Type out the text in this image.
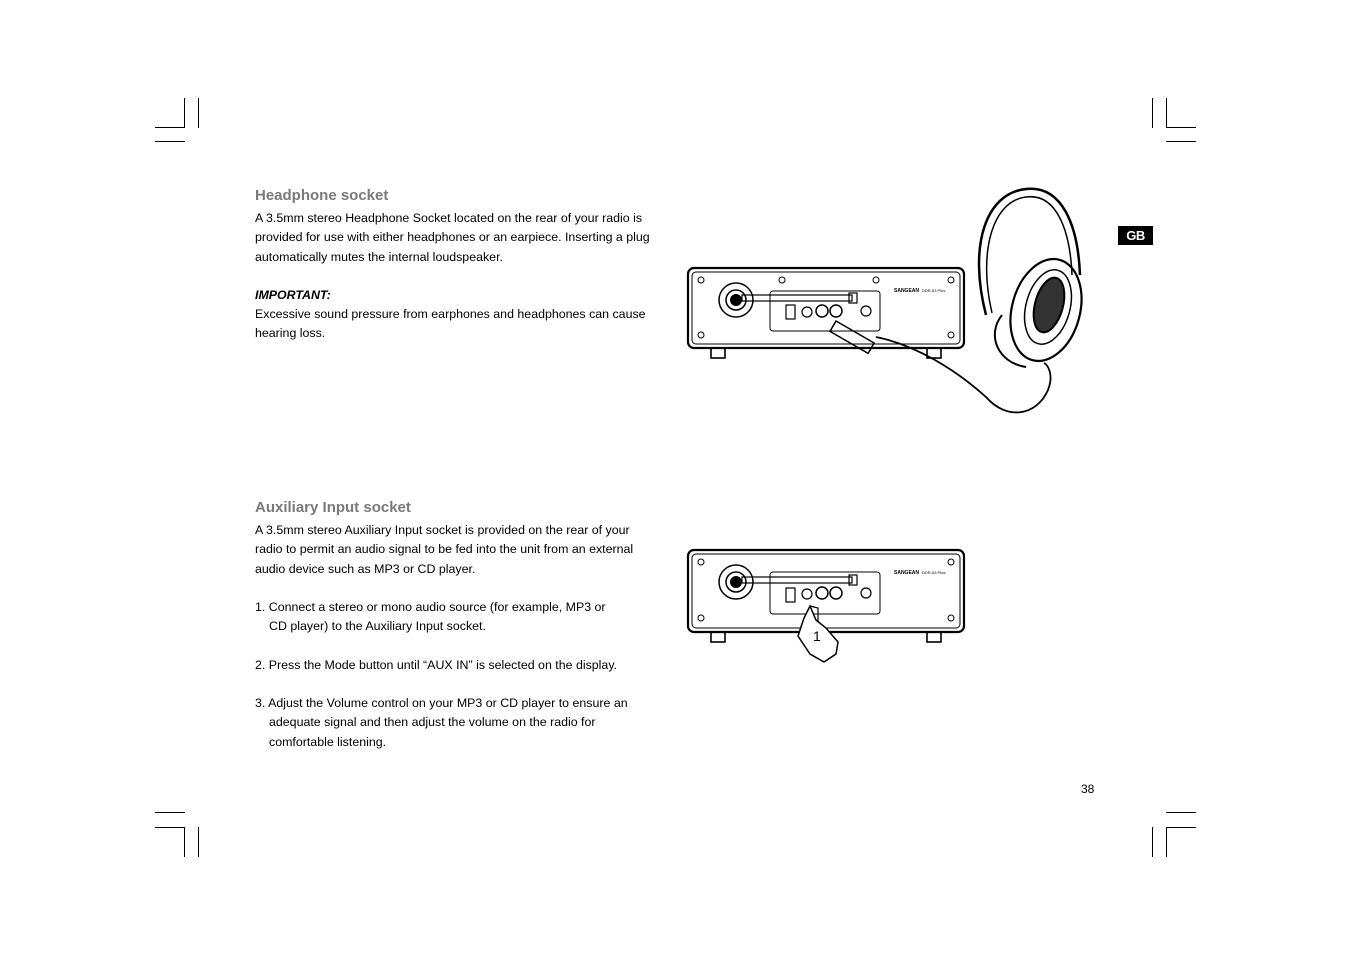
GB
Headphone socket
A 3.5mm stereo Headphone Socket located on the rear of your radio is
provided for use with either headphones or an earpiece. Inserting a plug
automatically mutes the internal loudspeaker.
IMPORTANT:
Excessive sound pressure from earphones and headphones can cause
hearing loss.
Auxiliary Input socket
A 3.5mm stereo Auxiliary Input socket is provided on the rear of your
radio to permit an audio signal to be fed into the unit from an external
audio device such as MP3 or CD player.
1. Connect a stereo or mono audio source (for example, MP3 or
CD player) to the Auxiliary Input socket.
2. Press the Mode button until “AUX IN” is selected on the display.
3. Adjust the Volume control on your MP3 or CD player to ensure an
adequate signal and then adjust the volume on the radio for
comfortable listening.
SANGEAN DDR-63 Plus
1
SANGEAN DDR-63 Plus
38
